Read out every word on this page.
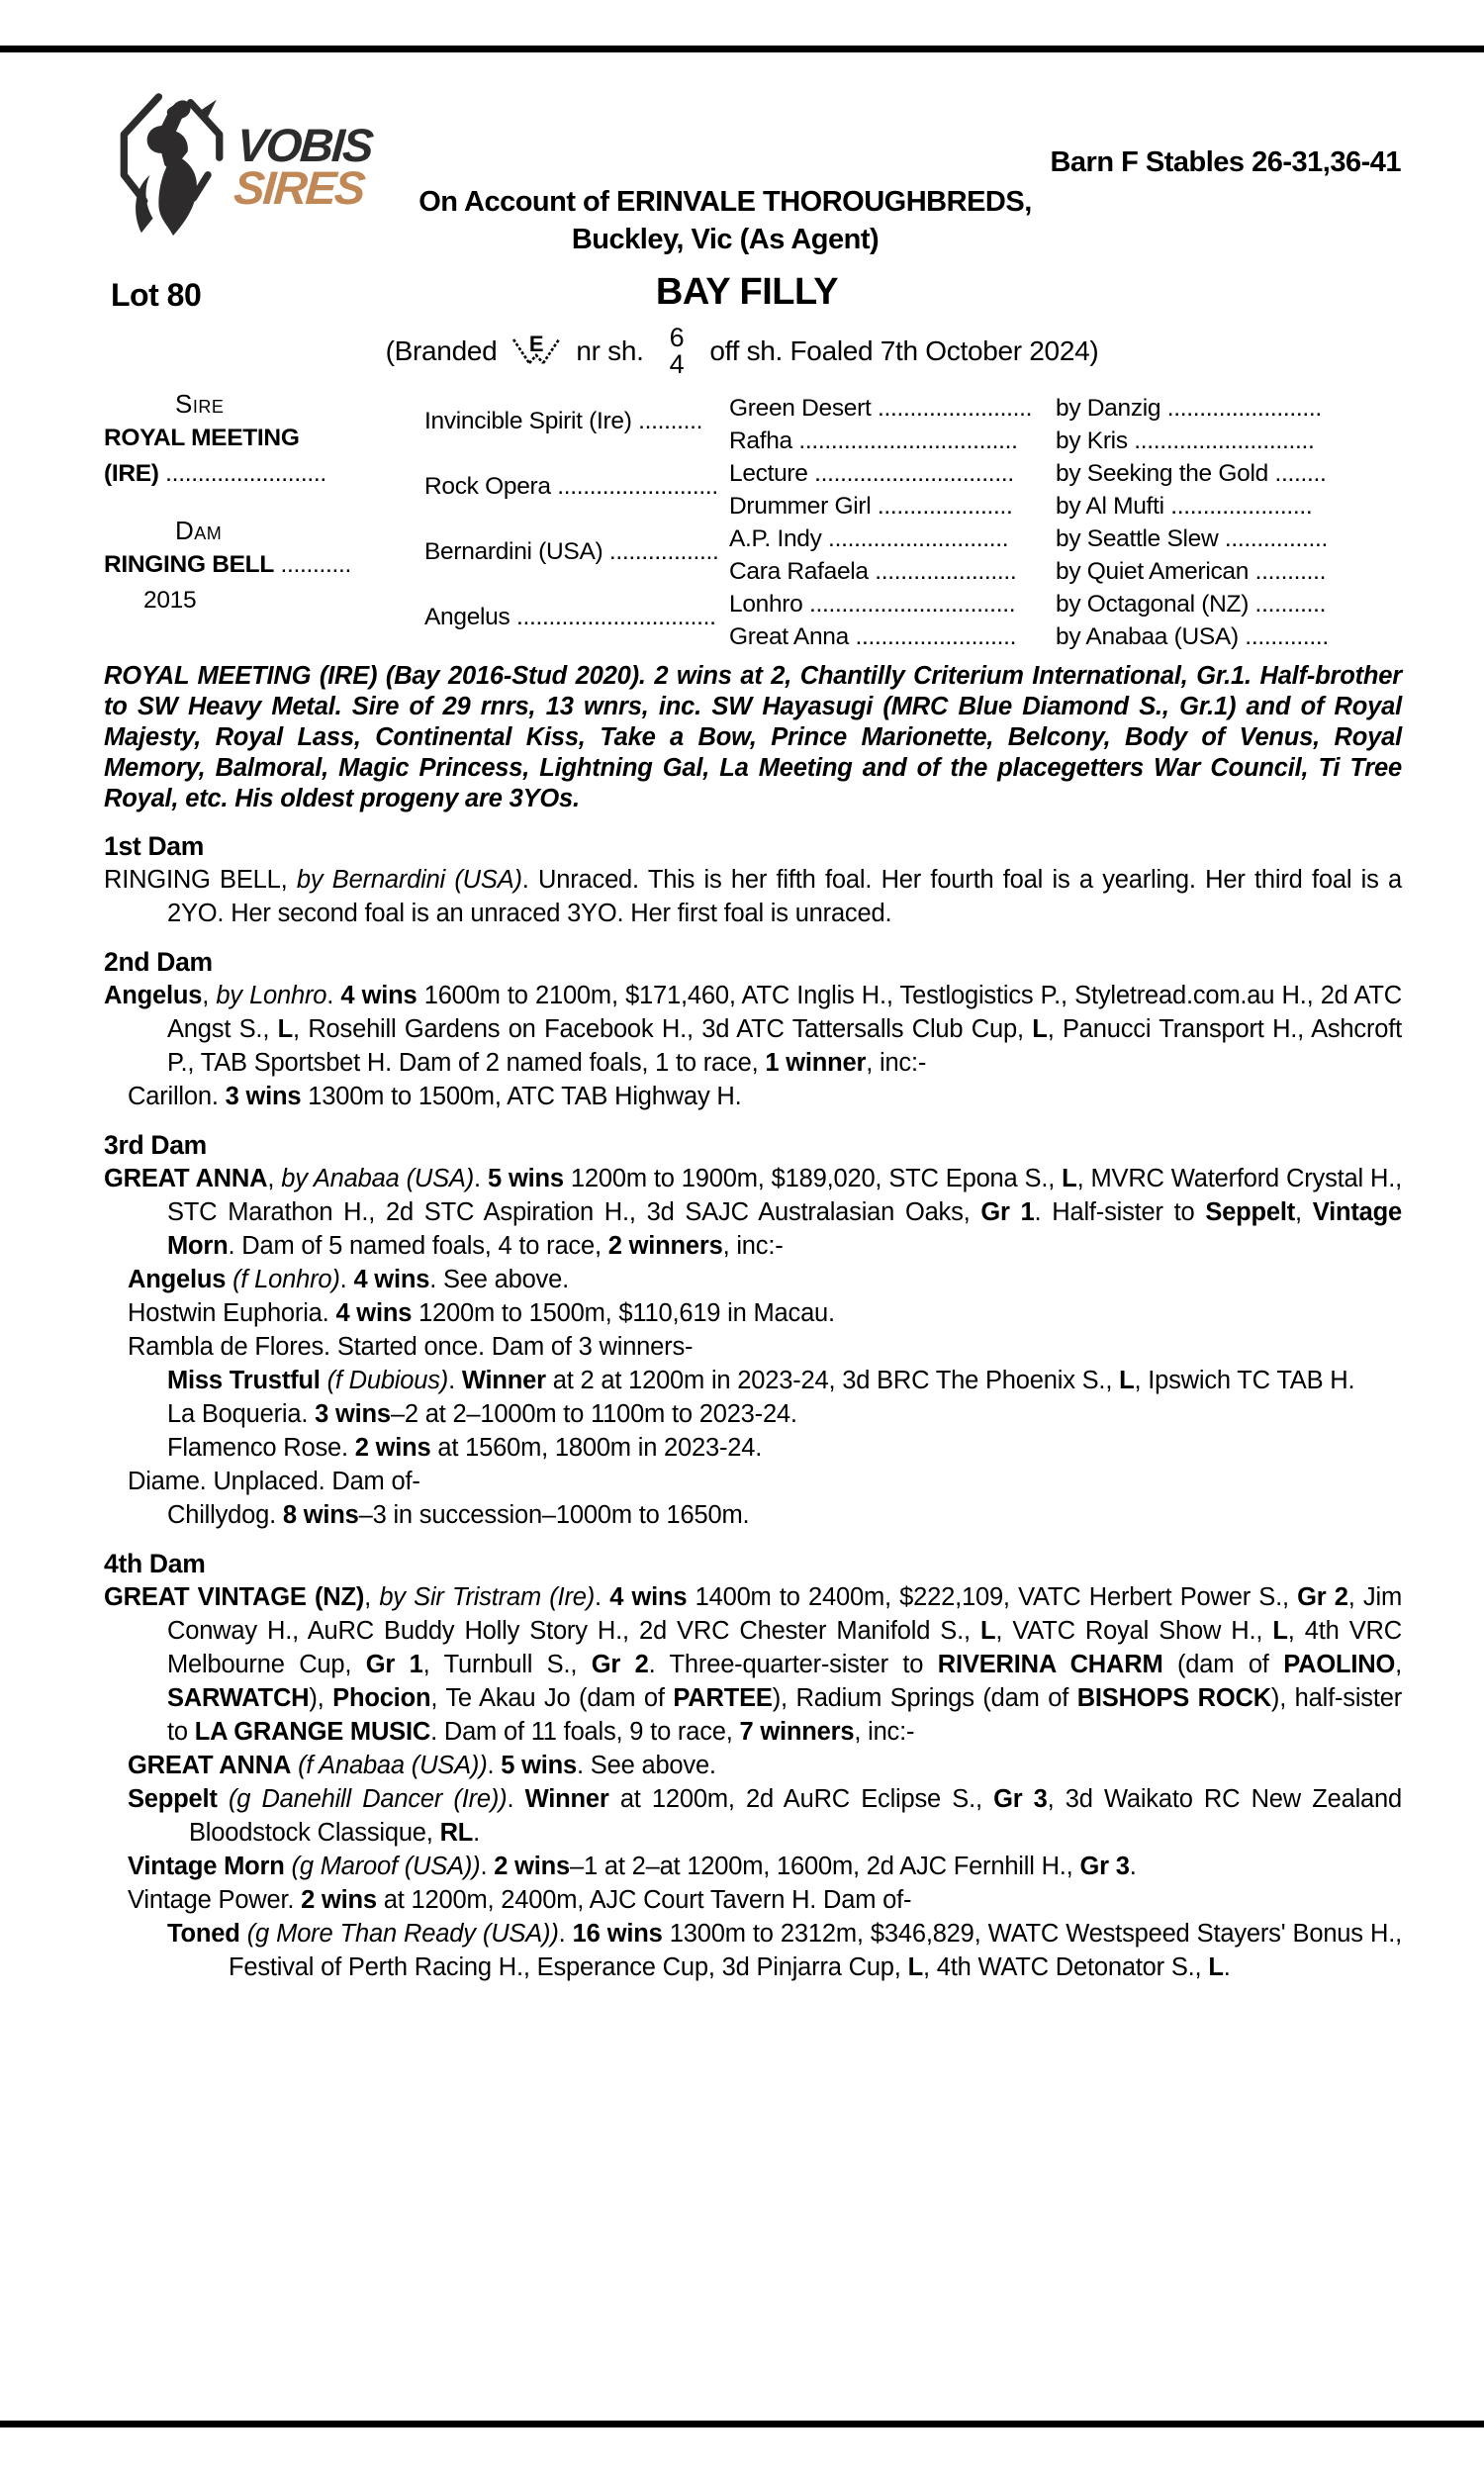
VOBIS
SIRES	Barn F Stables 26-31,36-41
On Account of ERINVALE THOROUGHBREDS,
Buckley, Vic (As Agent)
Lot 80	BAY FILLY
(Branded E nr sh. 6
4 off sh. Foaled 7th October 2024)
Sire
ROYAL MEETING
(IRE) .........................
Dam
RINGING BELL ...........
2015
Invincible Spirit (Ire) ..........
Rock Opera .........................
Bernardini (USA) .................
Angelus ...............................
Green Desert ........................
Rafha ..................................
Lecture ...............................
Drummer Girl .....................
A.P. Indy ............................
Cara Rafaela ......................
Lonhro ................................
Great Anna .........................
by Danzig ........................
by Kris ............................
by Seeking the Gold ........
by Al Mufti ......................
by Seattle Slew ................
by Quiet American ...........
by Octagonal (NZ) ...........
by Anabaa (USA) .............

ROYAL MEETING (IRE) (Bay 2016-Stud 2020). 2 wins at 2, Chantilly Criterium International, Gr.1. Half-brother to SW Heavy Metal. Sire of 29 rnrs, 13 wnrs, inc. SW Hayasugi (MRC Blue Diamond S., Gr.1) and of Royal Majesty, Royal Lass, Continental Kiss, Take a Bow, Prince Marionette, Belcony, Body of Venus, Royal Memory, Balmoral, Magic Princess, Lightning Gal, La Meeting and of the placegetters War Council, Ti Tree Royal, etc. His oldest progeny are 3YOs.

1st Dam

RINGING BELL, by Bernardini (USA). Unraced. This is her fifth foal. Her fourth foal is a yearling. Her third foal is a 2YO. Her second foal is an unraced 3YO. Her first foal is unraced.

2nd Dam

Angelus, by Lonhro. 4 wins 1600m to 2100m, $171,460, ATC Inglis H., Testlogistics P., Styletread.com.au H., 2d ATC Angst S., L, Rosehill Gardens on Facebook H., 3d ATC Tattersalls Club Cup, L, Panucci Transport H., Ashcroft P., TAB Sportsbet H. Dam of 2 named foals, 1 to race, 1 winner, inc:-

Carillon. 3 wins 1300m to 1500m, ATC TAB Highway H.

3rd Dam

GREAT ANNA, by Anabaa (USA). 5 wins 1200m to 1900m, $189,020, STC Epona S., L, MVRC Waterford Crystal H., STC Marathon H., 2d STC Aspiration H., 3d SAJC Australasian Oaks, Gr 1. Half-sister to Seppelt, Vintage Morn. Dam of 5 named foals, 4 to race, 2 winners, inc:-

Angelus (f Lonhro). 4 wins. See above.

Hostwin Euphoria. 4 wins 1200m to 1500m, $110,619 in Macau.

Rambla de Flores. Started once. Dam of 3 winners-

Miss Trustful (f Dubious). Winner at 2 at 1200m in 2023-24, 3d BRC The Phoenix S., L, Ipswich TC TAB H.

La Boqueria. 3 wins–2 at 2–1000m to 1100m to 2023-24.

Flamenco Rose. 2 wins at 1560m, 1800m in 2023-24.

Diame. Unplaced. Dam of-

Chillydog. 8 wins–3 in succession–1000m to 1650m.

4th Dam

GREAT VINTAGE (NZ), by Sir Tristram (Ire). 4 wins 1400m to 2400m, $222,109, VATC Herbert Power S., Gr 2, Jim Conway H., AuRC Buddy Holly Story H., 2d VRC Chester Manifold S., L, VATC Royal Show H., L, 4th VRC Melbourne Cup, Gr 1, Turnbull S., Gr 2. Three-quarter-sister to RIVERINA CHARM (dam of PAOLINO, SARWATCH), Phocion, Te Akau Jo (dam of PARTEE), Radium Springs (dam of BISHOPS ROCK), half-sister to LA GRANGE MUSIC. Dam of 11 foals, 9 to race, 7 winners, inc:-

GREAT ANNA (f Anabaa (USA)). 5 wins. See above.

Seppelt (g Danehill Dancer (Ire)). Winner at 1200m, 2d AuRC Eclipse S., Gr 3, 3d Waikato RC New Zealand Bloodstock Classique, RL.

Vintage Morn (g Maroof (USA)). 2 wins–1 at 2–at 1200m, 1600m, 2d AJC Fernhill H., Gr 3.

Vintage Power. 2 wins at 1200m, 2400m, AJC Court Tavern H. Dam of-

Toned (g More Than Ready (USA)). 16 wins 1300m to 2312m, $346,829, WATC Westspeed Stayers' Bonus H., Festival of Perth Racing H., Esperance Cup, 3d Pinjarra Cup, L, 4th WATC Detonator S., L.
